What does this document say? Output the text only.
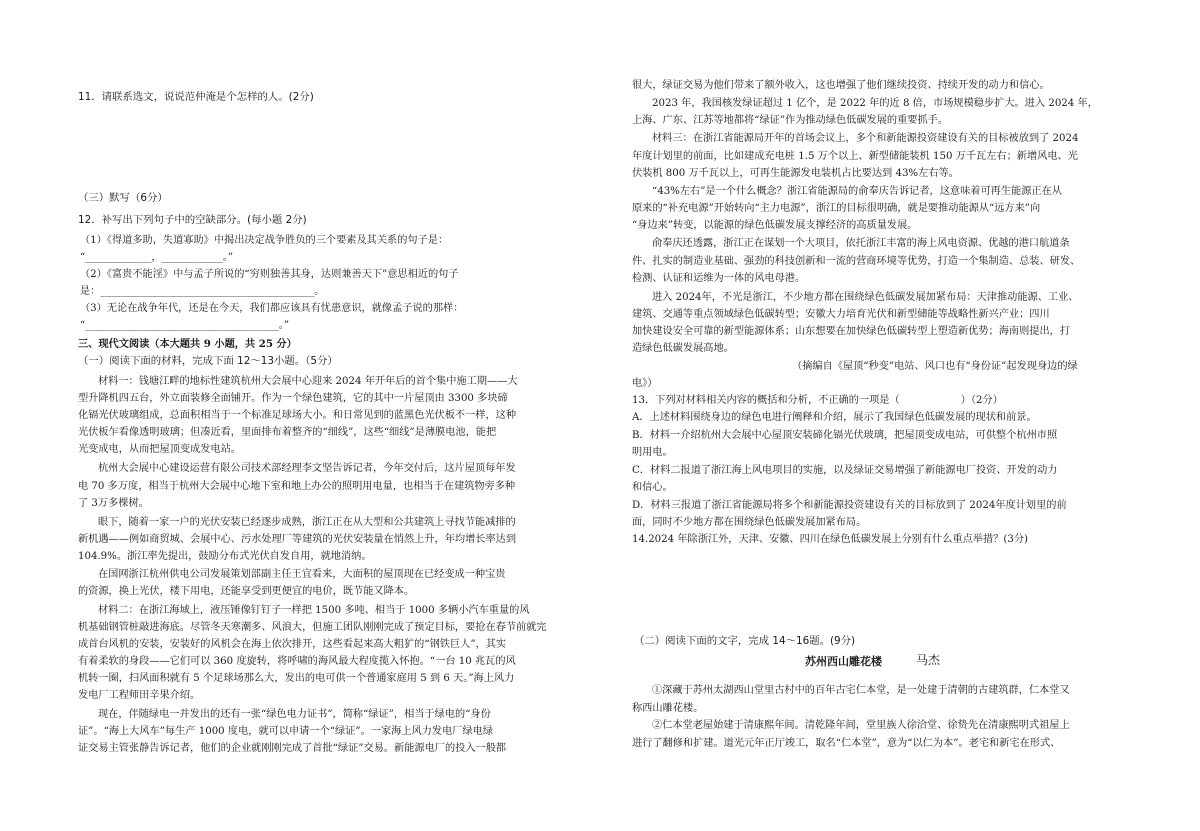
11．请联系选文，说说范仲淹是个怎样的人。(2分)
（三）默写（6分）
12．补写出下列句子中的空缺部分。(每小题 2分)
（1）《得道多助，失道寡助》中揭出决定战争胜负的三个要素及其关系的句子是：
“_____________，____________。”
（2）《富贵不能淫》中与孟子所说的“穷则独善其身，达则兼善天下”意思相近的句子
是：__________________________________________。
（3）无论在战争年代，还是在今天，我们都应该具有忧患意识，就像孟子说的那样：
“______________________________________。”
三、现代文阅读（本大题共 9 小题，共 25 分）
（一）阅读下面的材料，完成下面 12～13小题。（5分）
材料一：钱塘江畔的地标性建筑杭州大会展中心迎来 2024 年开年后的首个集中施工期——大
型升降机四五台，外立面装修全面铺开。作为一个绿色建筑，它的其中一片屋顶由 3300 多块碲
化镉光伏玻璃组成，总面积相当于一个标准足球场大小。和日常见到的蓝黑色光伏板不一样，这种
光伏板乍看像透明玻璃；但凑近看，里面排布着整齐的“细线”，这些“细线”是薄膜电池，能把
光变成电，从而把屋顶变成发电站。
杭州大会展中心建设运营有限公司技术部经理李文坚告诉记者，今年交付后，这片屋顶每年发
电 70 多万度，相当于杭州大会展中心地下室和地上办公的照明用电量，也相当于在建筑物旁多种
了 3万多棵树。
眼下，随着一家一户的光伏安装已经逐步成熟，浙江正在从大型和公共建筑上寻找节能减排的
新机遇——例如商贸城、会展中心、污水处理厂等建筑的光伏安装量在悄然上升，年均增长率达到
104.9%。浙江率先提出，鼓励分布式光伏自发自用，就地消纳。
在国网浙江杭州供电公司发展策划部副主任王宜看来，大面积的屋顶现在已经变成一种宝贵
的资源，换上光伏，楼下用电，还能享受到更便宜的电价，既节能又降本。
材料二：在浙江海域上，液压锤像钉钉子一样把 1500 多吨、相当于 1000 多辆小汽车重量的风
机基础钢管桩敲进海底。尽管冬天寒潮多、风浪大，但施工团队刚刚完成了预定目标，要抢在春节前就完
成首台风机的安装，安装好的风机会在海上依次排开，这些看起来高大粗犷的“钢铁巨人”，其实
有着柔软的身段——它们可以 360 度旋转，将呼啸的海风最大程度揽入怀抱。“一台 10 兆瓦的风
机转一圈，扫风面积就有 5 个足球场那么大，发出的电可供一个普通家庭用 5 到 6 天。”海上风力
发电厂工程师田辛果介绍。
现在，伴随绿电一并发出的还有一张“绿色电力证书”，简称“绿证”，相当于绿电的“身份
证”。“海上大风车”每生产 1000 度电，就可以申请一个“绿证”。一家海上风力发电厂绿电绿
证交易主管张静告诉记者，他们的企业就刚刚完成了首批“绿证”交易。新能源电厂的投入一般都
很大，绿证交易为他们带来了额外收入，这也增强了他们继续投资、持续开发的动力和信心。
2023 年，我国核发绿证超过 1 亿个，是 2022 年的近 8 倍，市场规模稳步扩大。进入 2024 年，
上海、广东、江苏等地都将“绿证”作为推动绿色低碳发展的重要抓手。
材料三：在浙江省能源局开年的首场会议上，多个和新能源投资建设有关的目标被放到了 2024
年度计划里的前面，比如建成充电桩 1.5 万个以上、新型储能装机 150 万千瓦左右；新增风电、光
伏装机 800 万千瓦以上，可再生能源发电装机占比要达到 43%左右等。
“43%左右”是一个什么概念？浙江省能源局的俞奉庆告诉记者，这意味着可再生能源正在从
原来的“补充电源”开始转向“主力电源”，浙江的目标很明确，就是要推动能源从“远方来”向
“身边来”转变，以能源的绿色低碳发展支撑经济的高质量发展。
俞奉庆还透露，浙江正在谋划一个大项目，依托浙江丰富的海上风电资源、优越的港口航道条
件、扎实的制造业基础、强劲的科技创新和一流的营商环境等优势，打造一个集制造、总装、研发、
检测、认证和运维为一体的风电母港。
进入 2024年，不光是浙江，不少地方都在围绕绿色低碳发展加紧布局：天津推动能源、工业、
建筑、交通等重点领域绿色低碳转型；安徽大力培育光伏和新型储能等战略性新兴产业；四川
加快建设安全可靠的新型能源体系；山东想要在加快绿色低碳转型上塑造新优势；海南则提出，打
造绿色低碳发展高地。
（摘编自《屋顶“秒变”电站、风口也有“身份证”起发现身边的绿
电》）
13．下列对材料相关内容的概括和分析，不正确的一项是（　　　　　　）（2分）
A．上述材料围绕身边的绿色电进行阐释和介绍，展示了我国绿色低碳发展的现状和前景。
B．材料一介绍杭州大会展中心屋顶安装碲化镉光伏玻璃，把屋顶变成电站，可供整个杭州市照
明用电。
C．材料二报道了浙江海上风电项目的实施，以及绿证交易增强了新能源电厂投资、开发的动力
和信心。
D．材料三报道了浙江省能源局将多个和新能源投资建设有关的目标放到了 2024年度计划里的前
面，同时不少地方都在围绕绿色低碳发展加紧布局。
14.2024 年除浙江外，天津、安徽、四川在绿色低碳发展上分别有什么重点举措？(3分)
（二）阅读下面的文字，完成 14～16题。(9分)
苏州西山雕花楼	马杰
①深藏于苏州太湖西山堂里古村中的百年古宅仁本堂，是一处建于清朝的古建筑群，仁本堂又
称西山雕花楼。
②仁本堂老屋始建于清康熙年间。清乾隆年间，堂里族人徐洽堂、徐贽先在清康熙明式祖屋上
进行了翻修和扩建。道光元年正厅竣工，取名“仁本堂”，意为“以仁为本”。老宅和新宅在形式、
